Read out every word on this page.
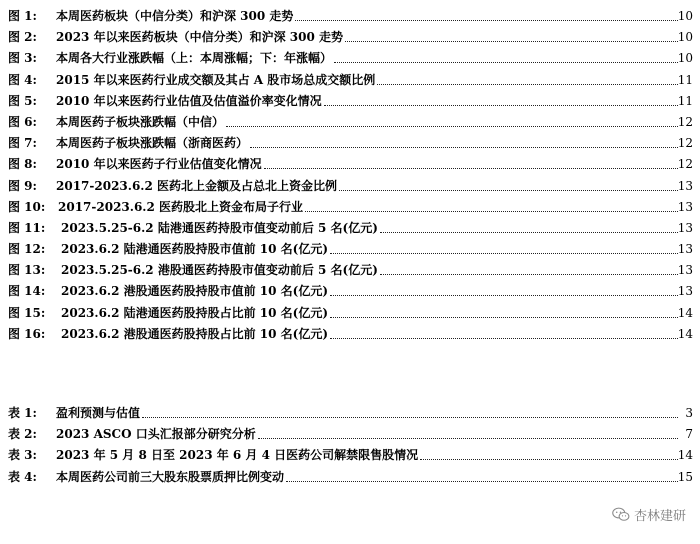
图 1: 本周医药板块（中信分类）和沪深 300 走势	10
图 2: 2023 年以来医药板块（中信分类）和沪深 300 走势	10
图 3: 本周各大行业涨跌幅（上：本周涨幅；下：年涨幅）	10
图 4: 2015 年以来医药行业成交额及其占 A 股市场总成交额比例	11
图 5: 2010 年以来医药行业估值及估值溢价率变化情况	11
图 6: 本周医药子板块涨跌幅（中信）	12
图 7: 本周医药子板块涨跌幅（浙商医药）	12
图 8: 2010 年以来医药子行业估值变化情况	12
图 9: 2017-2023.6.2 医药北上金额及占总北上资金比例	13
图 10: 2017-2023.6.2 医药股北上资金布局子行业	13
图 11: 2023.5.25-6.2 陆港通医药持股市值变动前后 5 名(亿元)	13
图 12: 2023.6.2 陆港通医药股持股市值前 10 名(亿元)	13
图 13: 2023.5.25-6.2 港股通医药持股市值变动前后 5 名(亿元)	13
图 14: 2023.6.2 港股通医药股持股市值前 10 名(亿元)	13
图 15: 2023.6.2 陆港通医药股持股占比前 10 名(亿元)	14
图 16: 2023.6.2 港股通医药股持股占比前 10 名(亿元)	14
表 1: 盈利预测与估值	3
表 2: 2023 ASCO 口头汇报部分研究分析	7
表 3: 2023 年 5 月 8 日至 2023 年 6 月 4 日医药公司解禁限售股情况	14
表 4: 本周医药公司前三大股东股票质押比例变动	15
杏林建研
